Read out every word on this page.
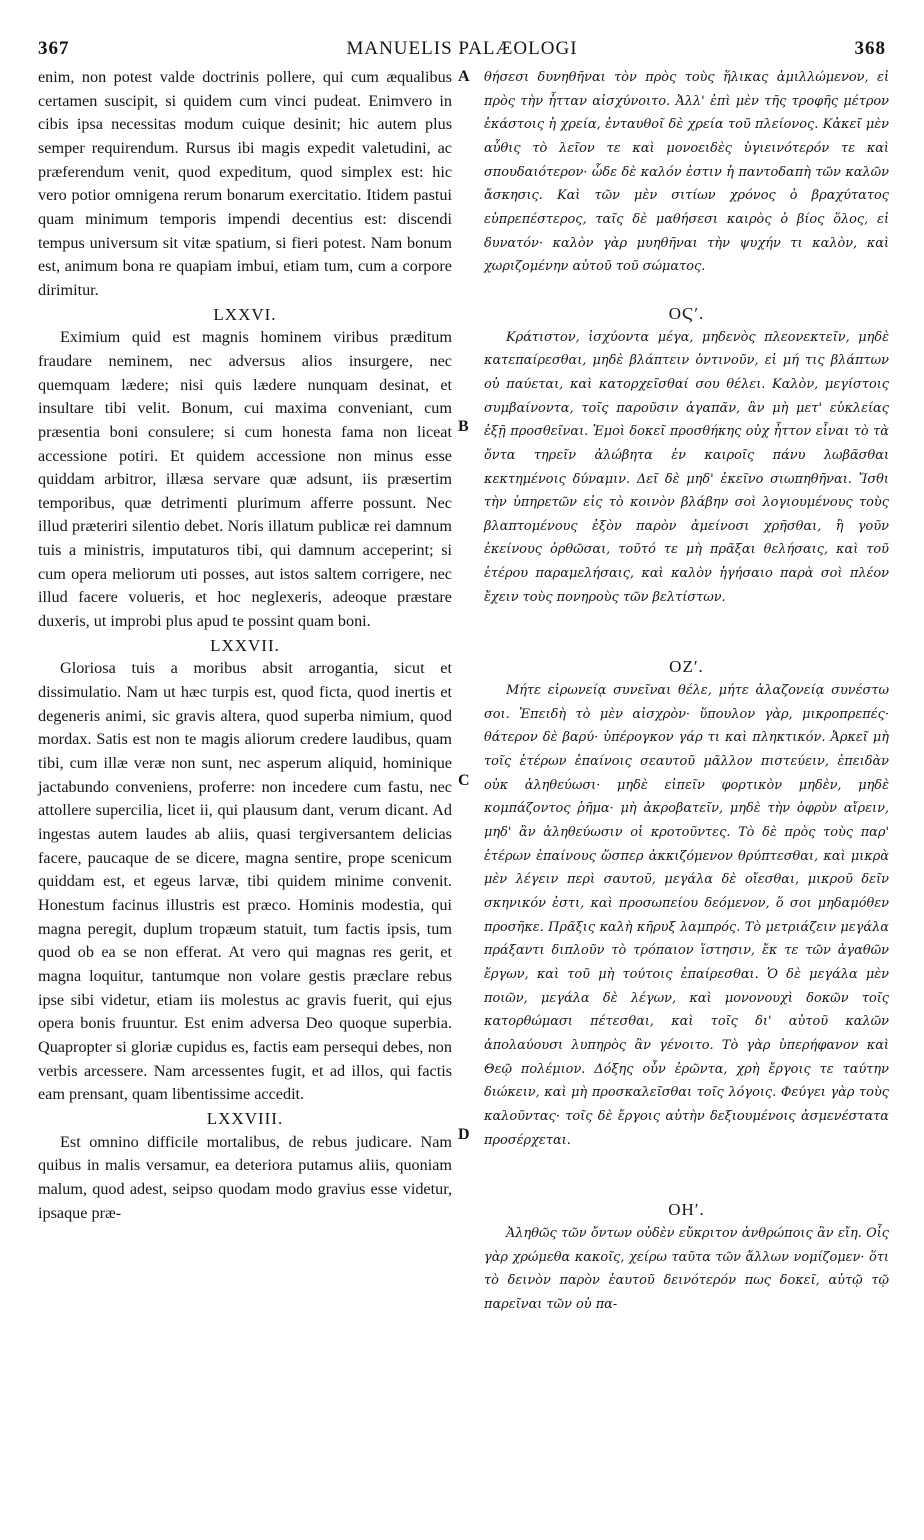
367	MANUELIS PALÆOLOGI	368
A
B
C
D

enim, non potest valde doctrinis pollere, qui cum æqualibus certamen suscipit, si quidem cum vinci pudeat. Enimvero in cibis ipsa necessitas modum cuique desinit; hic autem plus semper requirendum. Rursus ibi magis expedit valetudini, ac præferendum venit, quod expeditum, quod simplex est: hic vero potior omnigena rerum bonarum exercitatio. Itidem pastui quam minimum temporis impendi decentius est: discendi tempus universum sit vitæ spatium, si fieri potest. Nam bonum est, animum bona re quapiam imbui, etiam tum, cum a corpore dirimitur.

LXXVI.

Eximium quid est magnis hominem viribus præditum fraudare neminem, nec adversus alios insurgere, nec quemquam lædere; nisi quis lædere nunquam desinat, et insultare tibi velit. Bonum, cui maxima conveniant, cum præsentia boni consulere; si cum honesta fama non liceat accessione potiri. Et quidem accessione non minus esse quiddam arbitror, illæsa servare quæ adsunt, iis præsertim temporibus, quæ detrimenti plurimum afferre possunt. Nec illud præteriri silentio debet. Noris illatum publicæ rei damnum tuis a ministris, imputaturos tibi, qui damnum acceperint; si cum opera meliorum uti posses, aut istos saltem corrigere, nec illud facere volueris, et hoc neglexeris, adeoque præstare duxeris, ut improbi plus apud te possint quam boni.

LXXVII.

Gloriosa tuis a moribus absit arrogantia, sicut et dissimulatio. Nam ut hæc turpis est, quod ficta, quod inertis et degeneris animi, sic gravis altera, quod superba nimium, quod mordax. Satis est non te magis aliorum credere laudibus, quam tibi, cum illæ veræ non sunt, nec asperum aliquid, hominique jactabundo conveniens, proferre: non incedere cum fastu, nec attollere supercilia, licet ii, qui plausum dant, verum dicant. Ad ingestas autem laudes ab aliis, quasi tergiversantem delicias facere, paucaque de se dicere, magna sentire, prope scenicum quiddam est, et egeus larvæ, tibi quidem minime convenit. Honestum facinus illustris est præco. Hominis modestia, qui magna peregit, duplum tropæum statuit, tum factis ipsis, tum quod ob ea se non efferat. At vero qui magnas res gerit, et magna loquitur, tantumque non volare gestis præclare rebus ipse sibi videtur, etiam iis molestus ac gravis fuerit, qui ejus opera bonis fruuntur. Est enim adversa Deo quoque superbia. Quapropter si gloriæ cupidus es, factis eam persequi debes, non verbis arcessere. Nam arcessentes fugit, et ad illos, qui factis eam prensant, quam libentissime accedit.

LXXVIII.

Est omnino difficile mortalibus, de rebus judicare. Nam quibus in malis versamur, ea deteriora putamus aliis, quoniam malum, quod adest, seipso quodam modo gravius esse videtur, ipsaque præ-

θήσεσι δυνηθῆναι τὸν πρὸς τοὺς ἥλικας ἁμιλλώμενον, εἰ πρὸς τὴν ἧτταν αἰσχύνοιτο. Ἀλλ' ἐπὶ μὲν τῆς τροφῆς μέτρον ἑκάστοις ἡ χρεία, ἐνταυθοῖ δὲ χρεία τοῦ πλείονος. Κἀκεῖ μὲν αὖθις τὸ λεῖον τε καὶ μονοειδὲς ὑγιεινότερόν τε καὶ σπουδαιότερον· ὧδε δὲ καλόν ἐστιν ἡ παντοδαπὴ τῶν καλῶν ἄσκησις. Καὶ τῶν μὲν σιτίων χρόνος ὁ βραχύτατος εὐπρεπέστερος, ταῖς δὲ μαθήσεσι καιρὸς ὁ βίος ὅλος, εἰ δυνατόν· καλὸν γὰρ μυηθῆναι τὴν ψυχήν τι καλὸν, καὶ χωριζομένην αὐτοῦ τοῦ σώματος.

ΟϚʹ.

Κράτιστον, ἰσχύοντα μέγα, μηδενὸς πλεονεκτεῖν, μηδὲ κατεπαίρεσθαι, μηδὲ βλάπτειν ὁντινοῦν, εἰ μή τις βλάπτων οὐ παύεται, καὶ κατορχεῖσθαί σου θέλει. Καλὸν, μεγίστοις συμβαίνοντα, τοῖς παροῦσιν ἀγαπᾶν, ἂν μὴ μετ' εὐκλείας ἐξῇ προσθεῖναι. Ἐμοὶ δοκεῖ προσθήκης οὐχ ἧττον εἶναι τὸ τὰ ὄντα τηρεῖν ἀλώβητα ἐν καιροῖς πάνυ λωβᾶσθαι κεκτημένοις δύναμιν. Δεῖ δὲ μηδ' ἐκεῖνο σιωπηθῆναι. Ἴσθι τὴν ὑπηρετῶν εἰς τὸ κοινὸν βλάβην σοὶ λογιουμένους τοὺς βλαπτομένους ἐξὸν παρὸν ἀμείνοσι χρῆσθαι, ἢ γοῦν ἐκείνους ὀρθῶσαι, τοῦτό τε μὴ πρᾶξαι θελήσαις, καὶ τοῦ ἑτέρου παραμελήσαις, καὶ καλὸν ἡγήσαιο παρὰ σοὶ πλέον ἔχειν τοὺς πονηροὺς τῶν βελτίστων.

ΟΖʹ.

Μήτε εἰρωνείᾳ συνεῖναι θέλε, μήτε ἀλαζονείᾳ συνέστω σοι. Ἐπειδὴ τὸ μὲν αἰσχρὸν· ὕπουλον γὰρ, μικροπρεπές· θάτερον δὲ βαρύ· ὑπέρογκον γάρ τι καὶ πληκτικόν. Ἀρκεῖ μὴ τοῖς ἑτέρων ἐπαίνοις σεαυτοῦ μᾶλλον πιστεύειν, ἐπειδὰν οὐκ ἀληθεύωσι· μηδὲ εἰπεῖν φορτικὸν μηδὲν, μηδὲ κομπάζοντος ῥῆμα· μὴ ἀκροβατεῖν, μηδὲ τὴν ὀφρὺν αἴρειν, μηδ' ἂν ἀληθεύωσιν οἱ κροτοῦντες. Τὸ δὲ πρὸς τοὺς παρ' ἑτέρων ἐπαίνους ὥσπερ ἀκκιζόμενον θρύπτεσθαι, καὶ μικρὰ μὲν λέγειν περὶ σαυτοῦ, μεγάλα δὲ οἴεσθαι, μικροῦ δεῖν σκηνικόν ἐστι, καὶ προσωπείου δεόμενον, ὅ σοι μηδαμόθεν προσῆκε. Πρᾶξις καλὴ κῆρυξ λαμπρός. Τὸ μετριάζειν μεγάλα πράξαντι διπλοῦν τὸ τρόπαιον ἵστησιν, ἔκ τε τῶν ἀγαθῶν ἔργων, καὶ τοῦ μὴ τούτοις ἐπαίρεσθαι. Ὁ δὲ μεγάλα μὲν ποιῶν, μεγάλα δὲ λέγων, καὶ μονονουχὶ δοκῶν τοῖς κατορθώμασι πέτεσθαι, καὶ τοῖς δι' αὐτοῦ καλῶν ἀπολαύουσι λυπηρὸς ἂν γένοιτο. Τὸ γὰρ ὑπερήφανον καὶ Θεῷ πολέμιον. Δόξης οὖν ἐρῶντα, χρὴ ἔργοις τε ταύτην διώκειν, καὶ μὴ προσκαλεῖσθαι τοῖς λόγοις. Φεύγει γὰρ τοὺς καλοῦντας· τοῖς δὲ ἔργοις αὐτὴν δεξιουμένοις ἀσμενέστατα προσέρχεται.

ΟΗʹ.

Ἀληθῶς τῶν ὄντων οὐδὲν εὔκριτον ἀνθρώποις ἂν εἴη. Οἷς γὰρ χρώμεθα κακοῖς, χείρω ταῦτα τῶν ἄλλων νομίζομεν· ὅτι τὸ δεινὸν παρὸν ἑαυτοῦ δεινότερόν πως δοκεῖ, αὐτῷ τῷ παρεῖναι τῶν οὐ πα-
